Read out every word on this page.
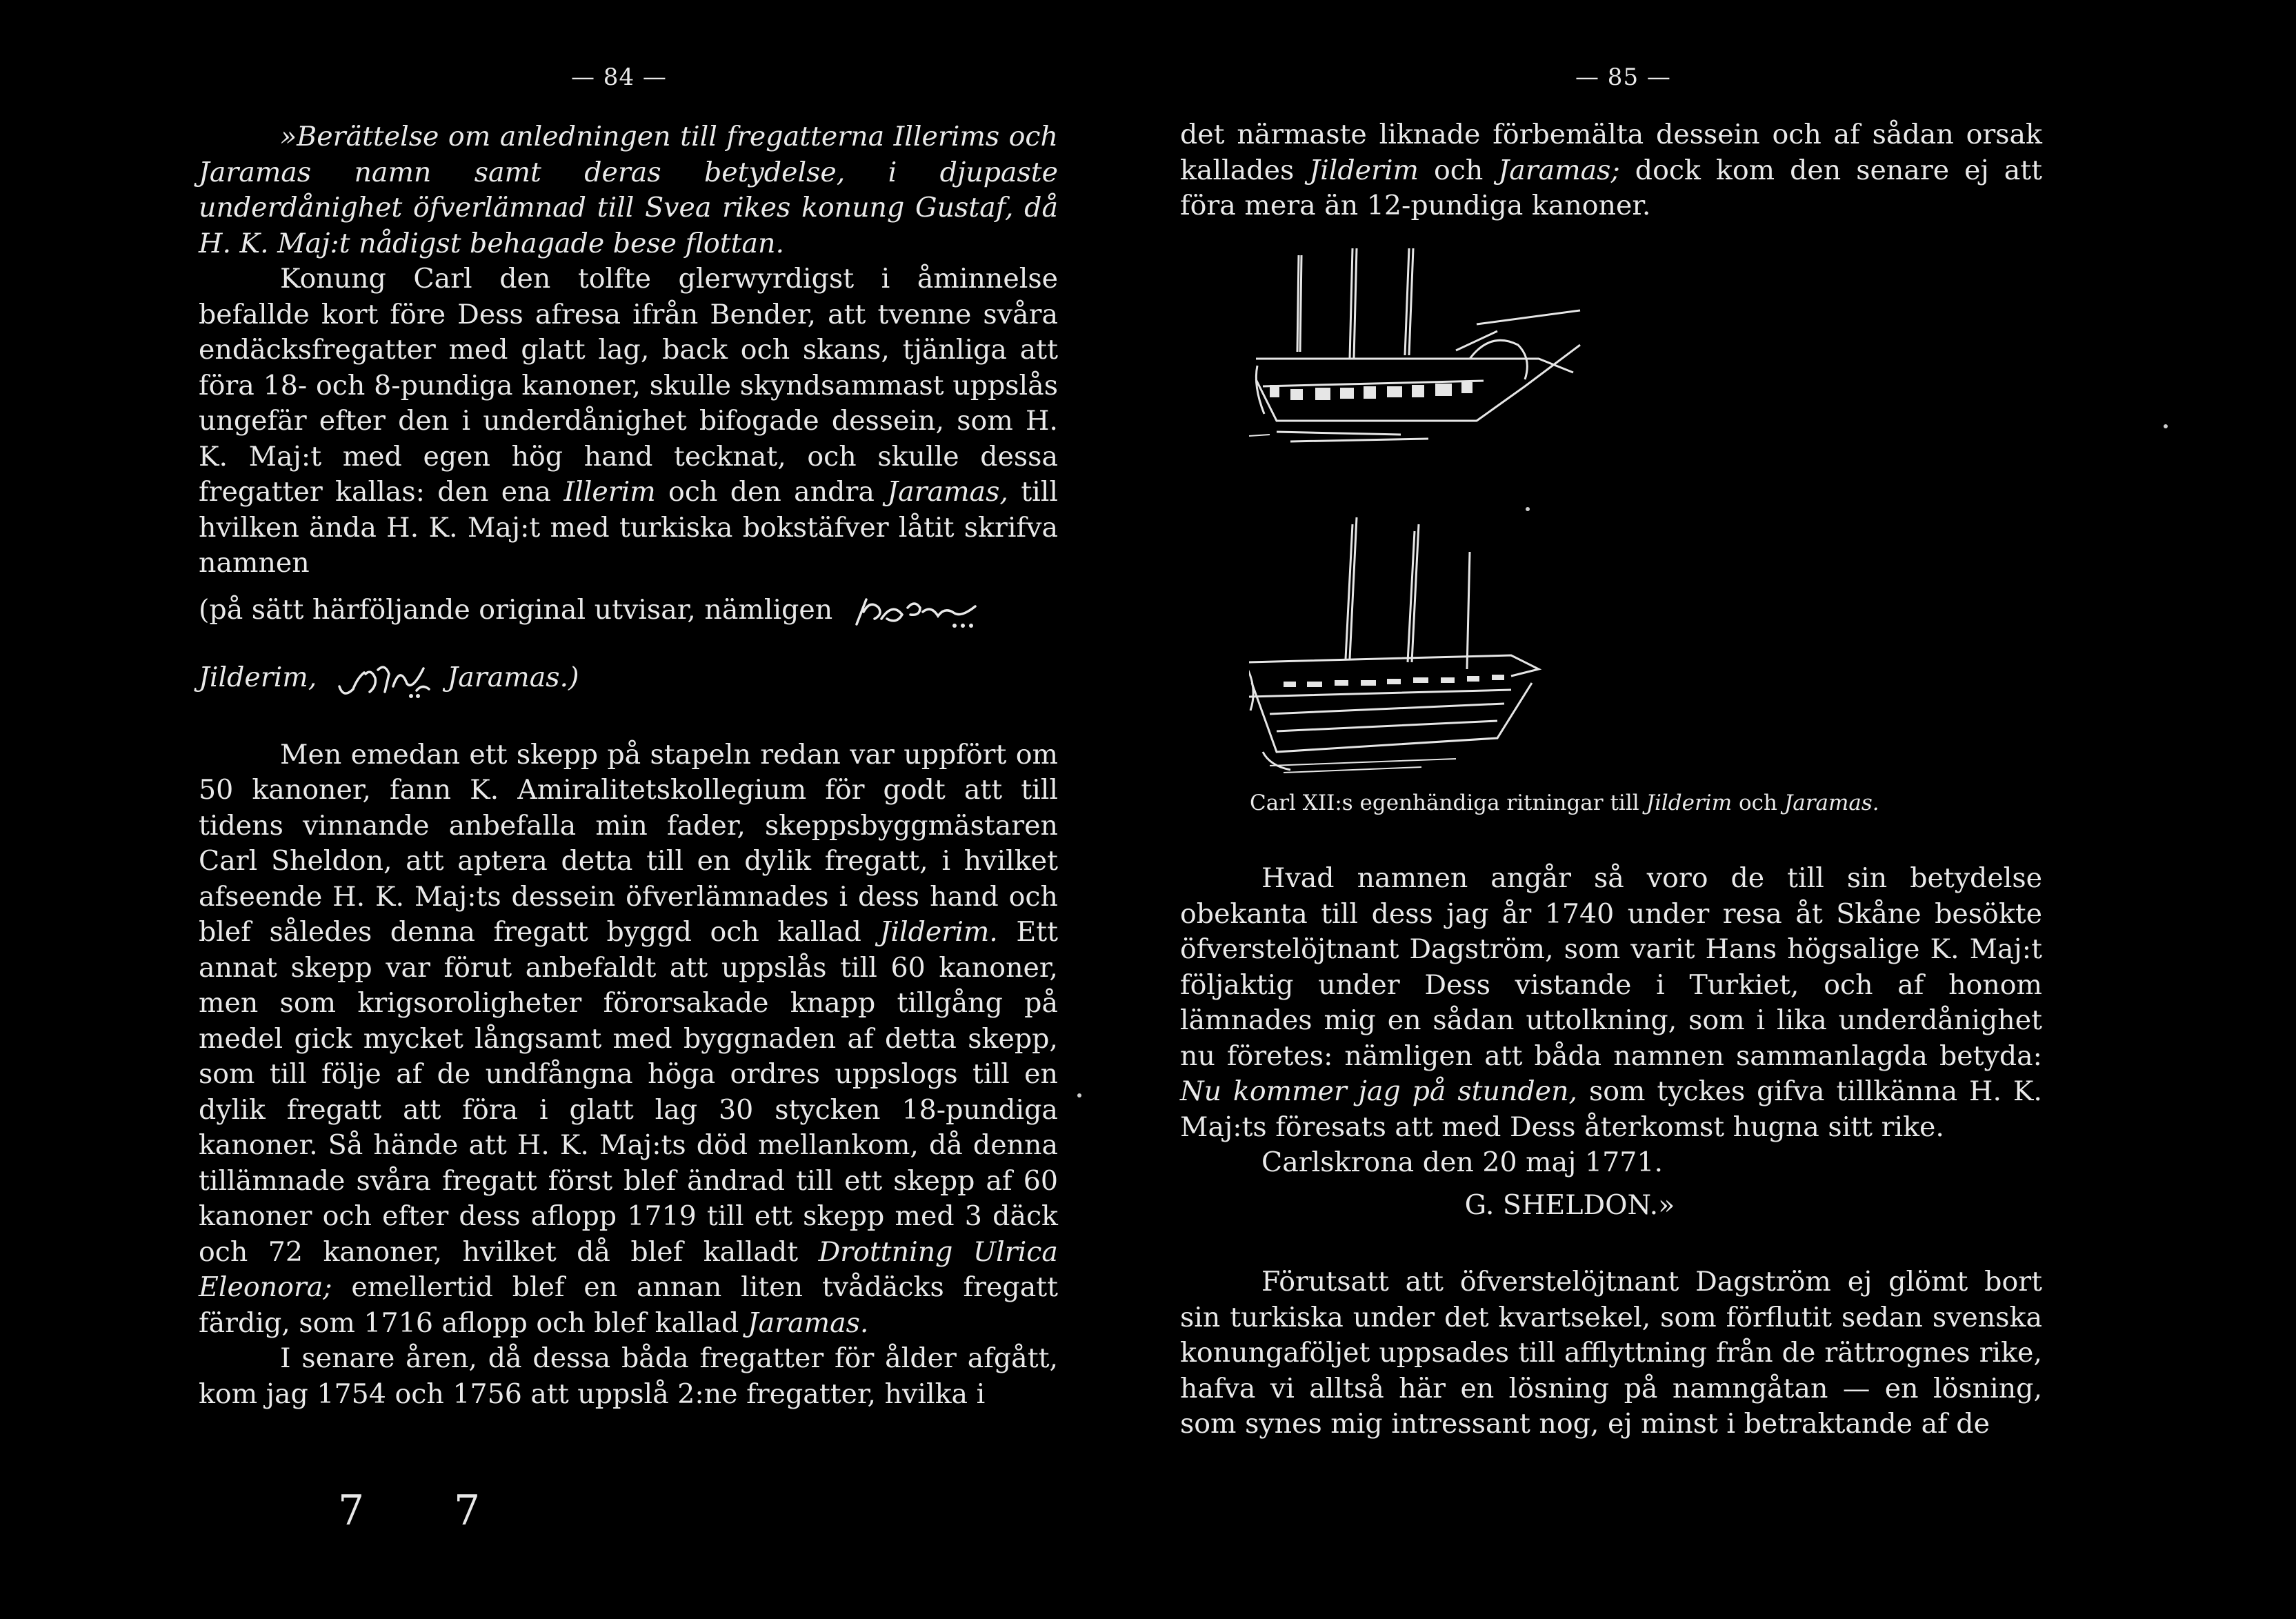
— 84 —

»Berättelse om anledningen till fregatterna Illerims och Jaramas namn samt deras betydelse, i djupaste underdånighet öfverlämnad till Svea rikes konung Gustaf, då H. K. Maj:t nådigst behagade bese flottan.

Konung Carl den tolfte glerwyrdigst i åminnelse befallde kort före Dess afresa ifrån Bender, att tvenne svåra endäcksfregatter med glatt lag, back och skans, tjänliga att föra 18- och 8-pundiga kanoner, skulle skyndsammast uppslås ungefär efter den i underdånighet bifogade dessein, som H. K. Maj:t med egen hög hand tecknat, och skulle dessa fregatter kallas: den ena Illerim och den andra Jaramas, till hvilken ända H. K. Maj:t med turkiska bokstäfver låtit skrifva namnen

(på sätt härföljande original utvisar, nämligen

Jilderim,	Jaramas.)

Men emedan ett skepp på stapeln redan var uppfört om 50 kanoner, fann K. Amiralitetskollegium för godt att till tidens vinnande anbefalla min fader, skeppsbyggmästaren Carl Sheldon, att aptera detta till en dylik fregatt, i hvilket afseende H. K. Maj:ts dessein öfverlämnades i dess hand och blef således denna fregatt byggd och kallad Jilderim. Ett annat skepp var förut anbefaldt att uppslås till 60 kanoner, men som krigsoroligheter förorsakade knapp tillgång på medel gick mycket långsamt med byggnaden af detta skepp, som till följe af de undfångna höga ordres uppslogs till en dylik fregatt att föra i glatt lag 30 stycken 18-pundiga kanoner. Så hände att H. K. Maj:ts död mellankom, då denna tillämnade svåra fregatt först blef ändrad till ett skepp af 60 kanoner och efter dess aflopp 1719 till ett skepp med 3 däck och 72 kanoner, hvilket då blef kalladt Drottning Ulrica Eleonora; emellertid blef en annan liten tvådäcks fregatt färdig, som 1716 aflopp och blef kallad Jaramas.

I senare åren, då dessa båda fregatter för ålder afgått, kom jag 1754 och 1756 att uppslå 2:ne fregatter, hvilka i

7 7
— 85 —

det närmaste liknade förbemälta dessein och af sådan orsak kallades Jilderim och Jaramas; dock kom den senare ej att föra mera än 12-pundiga kanoner.

Carl XII:s egenhändiga ritningar till Jilderim och Jaramas.

Hvad namnen angår så voro de till sin betydelse obekanta till dess jag år 1740 under resa åt Skåne besökte öfverstelöjtnant Dagström, som varit Hans högsalige K. Maj:t följaktig under Dess vistande i Turkiet, och af honom lämnades mig en sådan uttolkning, som i lika underdånighet nu företes: nämligen att båda namnen sammanlagda betyda: Nu kommer jag på stunden, som tyckes gifva tillkänna H. K. Maj:ts föresats att med Dess återkomst hugna sitt rike.

Carlskrona den 20 maj 1771.

G. SHELDON.»

Förutsatt att öfverstelöjtnant Dagström ej glömt bort sin turkiska under det kvartsekel, som förflutit sedan svenska konungaföljet uppsades till afflyttning från de rättrognes rike, hafva vi alltså här en lösning på namngåtan — en lösning, som synes mig intressant nog, ej minst i betraktande af de
